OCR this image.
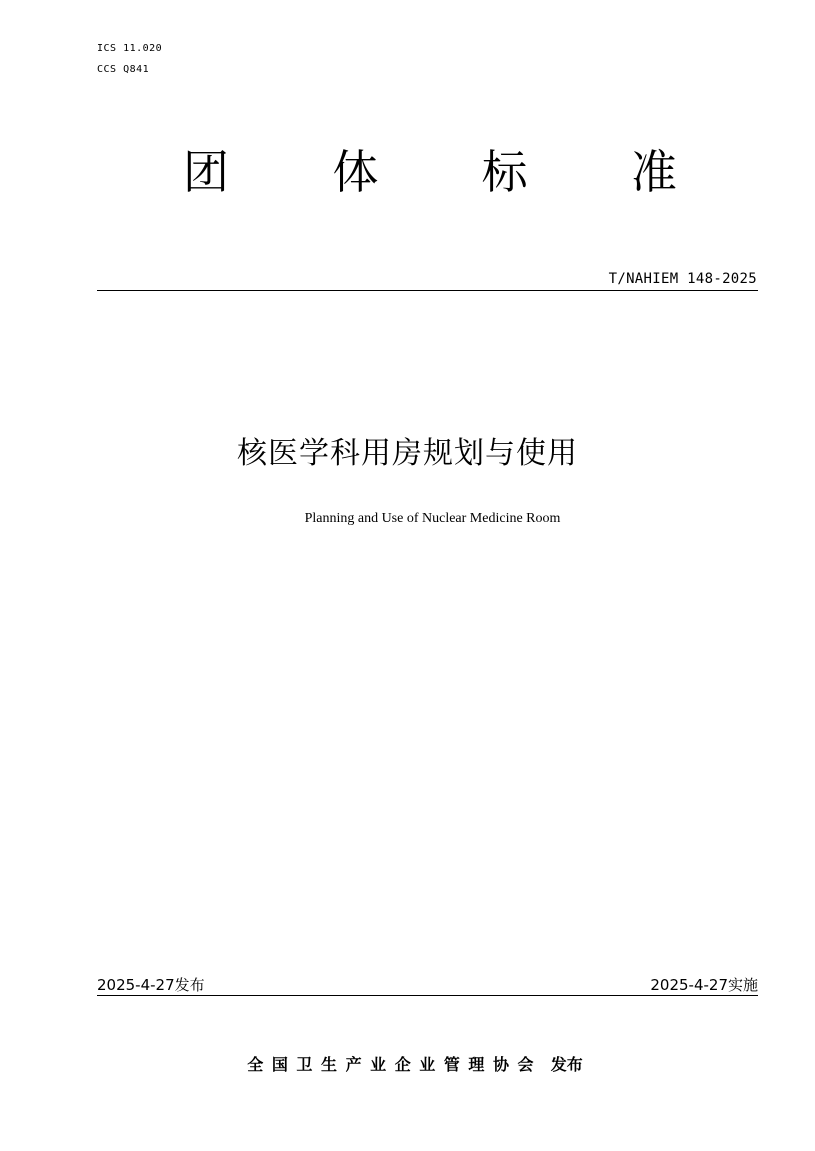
ICS 11.020
CCS Q841
团	体	标	准
T/NAHIEM 148-2025
核医学科用房规划与使用
Planning and Use of Nuclear Medicine Room
2025-4-27发布	2025-4-27实施
全 国 卫 生 产 业 企 业 管 理 协 会  发布
